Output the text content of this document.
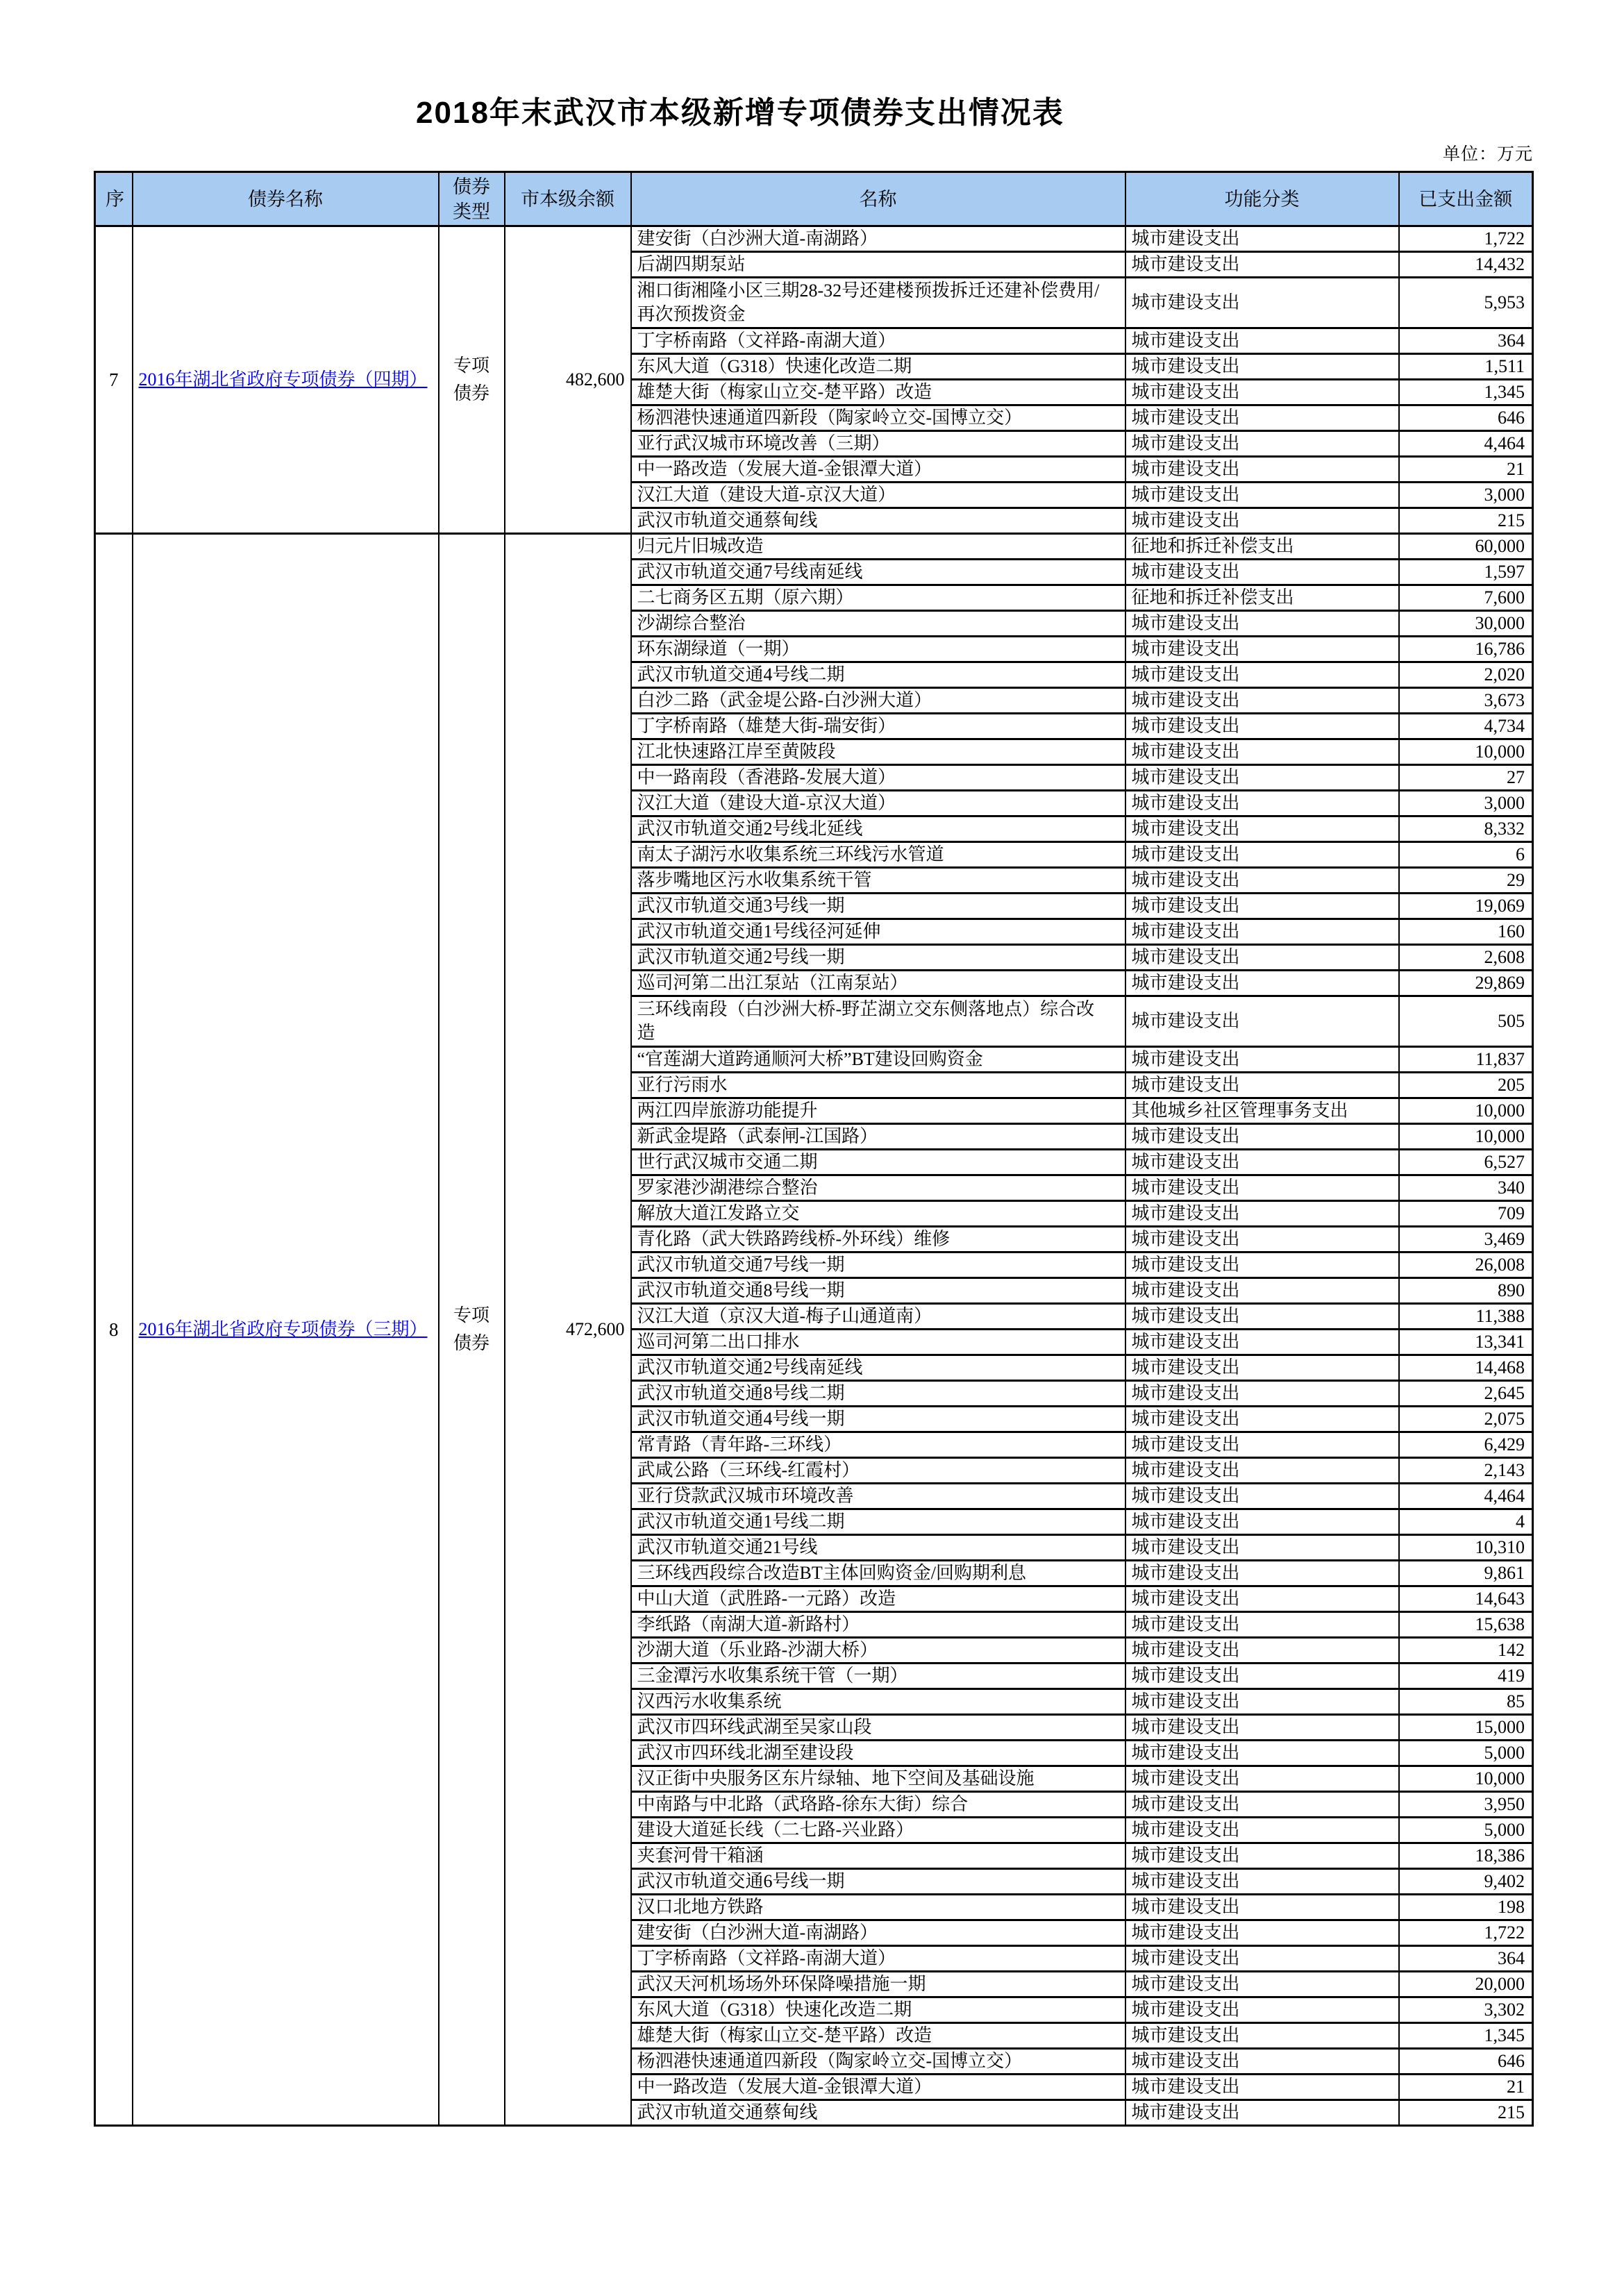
2018年末武汉市本级新增专项债券支出情况表
单位：万元
序	债券名称	债券类型	市本级余额	名称	功能分类	已支出金额
7	2016年湖北省政府专项债券（四期）	专项债券	482,600	建安街（白沙洲大道-南湖路）	城市建设支出	1,722
				后湖四期泵站	城市建设支出	14,432
				湘口街湘隆小区三期28-32号还建楼预拨拆迁还建补偿费用/再次预拨资金	城市建设支出	5,953
				丁字桥南路（文祥路-南湖大道）	城市建设支出	364
				东风大道（G318）快速化改造二期	城市建设支出	1,511
				雄楚大街（梅家山立交-楚平路）改造	城市建设支出	1,345
				杨泗港快速通道四新段（陶家岭立交-国博立交）	城市建设支出	646
				亚行武汉城市环境改善（三期）	城市建设支出	4,464
				中一路改造（发展大道-金银潭大道）	城市建设支出	21
				汉江大道（建设大道-京汉大道）	城市建设支出	3,000
				武汉市轨道交通蔡甸线	城市建设支出	215
8	2016年湖北省政府专项债券（三期）	专项债券	472,600	归元片旧城改造	征地和拆迁补偿支出	60,000
				武汉市轨道交通7号线南延线	城市建设支出	1,597
				二七商务区五期（原六期）	征地和拆迁补偿支出	7,600
				沙湖综合整治	城市建设支出	30,000
				环东湖绿道（一期）	城市建设支出	16,786
				武汉市轨道交通4号线二期	城市建设支出	2,020
				白沙二路（武金堤公路-白沙洲大道）	城市建设支出	3,673
				丁字桥南路（雄楚大街-瑞安街）	城市建设支出	4,734
				江北快速路江岸至黄陂段	城市建设支出	10,000
				中一路南段（香港路-发展大道）	城市建设支出	27
				汉江大道（建设大道-京汉大道）	城市建设支出	3,000
				武汉市轨道交通2号线北延线	城市建设支出	8,332
				南太子湖污水收集系统三环线污水管道	城市建设支出	6
				落步嘴地区污水收集系统干管	城市建设支出	29
				武汉市轨道交通3号线一期	城市建设支出	19,069
				武汉市轨道交通1号线径河延伸	城市建设支出	160
				武汉市轨道交通2号线一期	城市建设支出	2,608
				巡司河第二出江泵站（江南泵站）	城市建设支出	29,869
				三环线南段（白沙洲大桥-野芷湖立交东侧落地点）综合改造	城市建设支出	505
				“官莲湖大道跨通顺河大桥”BT建设回购资金	城市建设支出	11,837
				亚行污雨水	城市建设支出	205
				两江四岸旅游功能提升	其他城乡社区管理事务支出	10,000
				新武金堤路（武泰闸-江国路）	城市建设支出	10,000
				世行武汉城市交通二期	城市建设支出	6,527
				罗家港沙湖港综合整治	城市建设支出	340
				解放大道江发路立交	城市建设支出	709
				青化路（武大铁路跨线桥-外环线）维修	城市建设支出	3,469
				武汉市轨道交通7号线一期	城市建设支出	26,008
				武汉市轨道交通8号线一期	城市建设支出	890
				汉江大道（京汉大道-梅子山通道南）	城市建设支出	11,388
				巡司河第二出口排水	城市建设支出	13,341
				武汉市轨道交通2号线南延线	城市建设支出	14,468
				武汉市轨道交通8号线二期	城市建设支出	2,645
				武汉市轨道交通4号线一期	城市建设支出	2,075
				常青路（青年路-三环线）	城市建设支出	6,429
				武咸公路（三环线-红霞村）	城市建设支出	2,143
				亚行贷款武汉城市环境改善	城市建设支出	4,464
				武汉市轨道交通1号线二期	城市建设支出	4
				武汉市轨道交通21号线	城市建设支出	10,310
				三环线西段综合改造BT主体回购资金/回购期利息	城市建设支出	9,861
				中山大道（武胜路-一元路）改造	城市建设支出	14,643
				李纸路（南湖大道-新路村）	城市建设支出	15,638
				沙湖大道（乐业路-沙湖大桥）	城市建设支出	142
				三金潭污水收集系统干管（一期）	城市建设支出	419
				汉西污水收集系统	城市建设支出	85
				武汉市四环线武湖至吴家山段	城市建设支出	15,000
				武汉市四环线北湖至建设段	城市建设支出	5,000
				汉正街中央服务区东片绿轴、地下空间及基础设施	城市建设支出	10,000
				中南路与中北路（武珞路-徐东大街）综合	城市建设支出	3,950
				建设大道延长线（二七路-兴业路）	城市建设支出	5,000
				夹套河骨干箱涵	城市建设支出	18,386
				武汉市轨道交通6号线一期	城市建设支出	9,402
				汉口北地方铁路	城市建设支出	198
				建安街（白沙洲大道-南湖路）	城市建设支出	1,722
				丁字桥南路（文祥路-南湖大道）	城市建设支出	364
				武汉天河机场场外环保降噪措施一期	城市建设支出	20,000
				东风大道（G318）快速化改造二期	城市建设支出	3,302
				雄楚大街（梅家山立交-楚平路）改造	城市建设支出	1,345
				杨泗港快速通道四新段（陶家岭立交-国博立交）	城市建设支出	646
				中一路改造（发展大道-金银潭大道）	城市建设支出	21
				武汉市轨道交通蔡甸线	城市建设支出	215
